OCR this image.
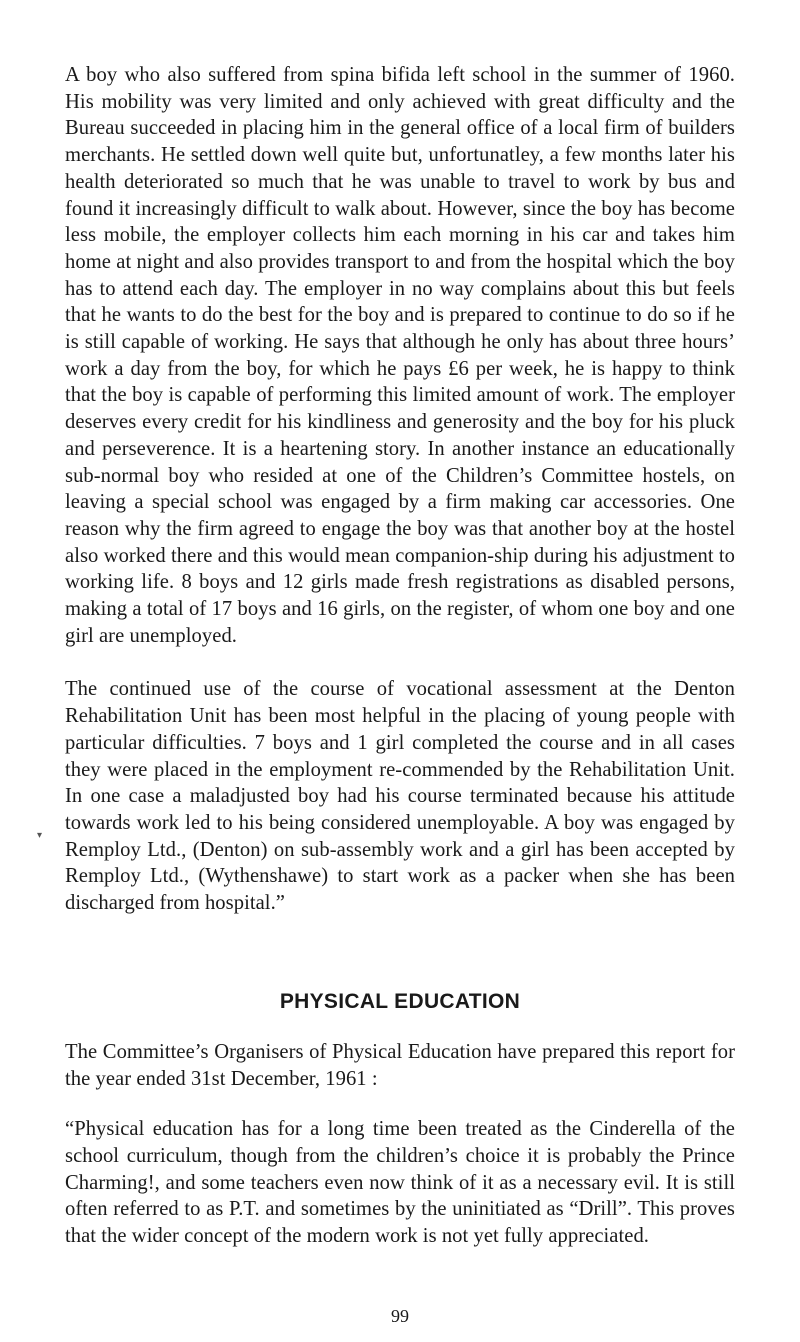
A boy who also suffered from spina bifida left school in the summer of 1960. His mobility was very limited and only achieved with great difficulty and the Bureau succeeded in placing him in the general office of a local firm of builders merchants. He settled down well quite but, unfortunatley, a few months later his health deteriorated so much that he was unable to travel to work by bus and found it increasingly difficult to walk about. However, since the boy has become less mobile, the employer collects him each morning in his car and takes him home at night and also provides transport to and from the hospital which the boy has to attend each day. The employer in no way complains about this but feels that he wants to do the best for the boy and is prepared to continue to do so if he is still capable of working. He says that although he only has about three hours’ work a day from the boy, for which he pays £6 per week, he is happy to think that the boy is capable of performing this limited amount of work. The employer deserves every credit for his kindliness and generosity and the boy for his pluck and perseverence. It is a heartening story. In another instance an educationally sub-normal boy who resided at one of the Children’s Committee hostels, on leaving a special school was engaged by a firm making car accessories. One reason why the firm agreed to engage the boy was that another boy at the hostel also worked there and this would mean companion-ship during his adjustment to working life. 8 boys and 12 girls made fresh registrations as disabled persons, making a total of 17 boys and 16 girls, on the register, of whom one boy and one girl are unemployed.

The continued use of the course of vocational assessment at the Denton Rehabilitation Unit has been most helpful in the placing of young people with particular difficulties. 7 boys and 1 girl completed the course and in all cases they were placed in the employment re-commended by the Rehabilitation Unit. In one case a maladjusted boy had his course terminated because his attitude towards work led to his being considered unemployable. A boy was engaged by Remploy Ltd., (Denton) on sub-assembly work and a girl has been accepted by Remploy Ltd., (Wythenshawe) to start work as a packer when she has been discharged from hospital.”

PHYSICAL EDUCATION

The Committee’s Organisers of Physical Education have prepared this report for the year ended 31st December, 1961 :

“Physical education has for a long time been treated as the Cinderella of the school curriculum, though from the children’s choice it is probably the Prince Charming!, and some teachers even now think of it as a necessary evil. It is still often referred to as P.T. and sometimes by the uninitiated as “Drill”. This proves that the wider concept of the modern work is not yet fully appreciated.

▾
99
